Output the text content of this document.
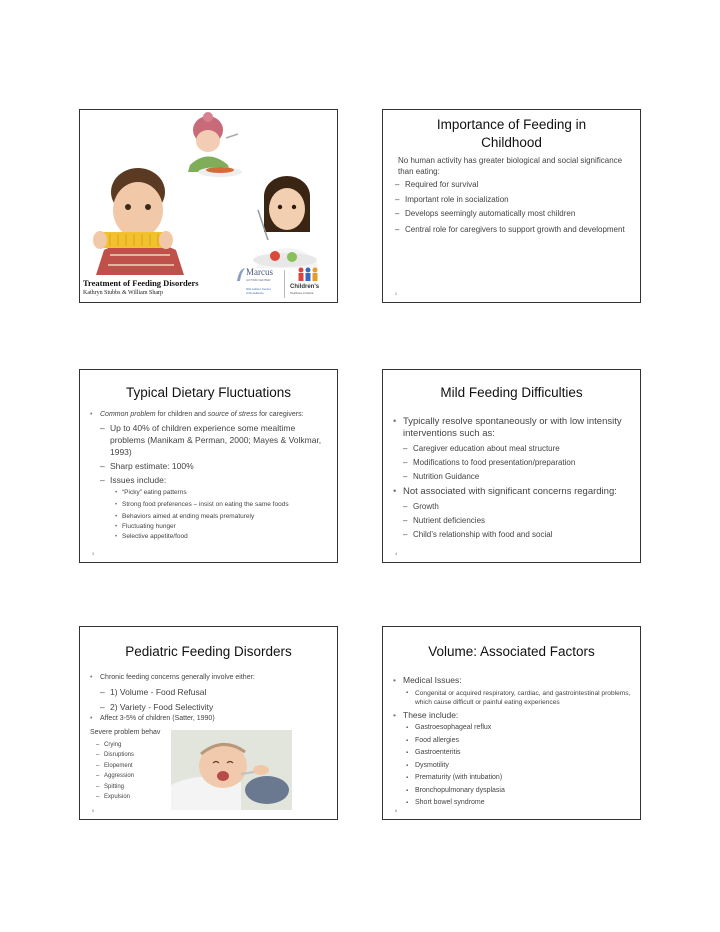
Treatment of Feeding Disorders
Kathryn Stubbs & William Sharp
Marcus
AUTISM CENTER
NIH Autism Center
of Excellence
Children's
Healthcare of Atlanta
Importance of Feeding in
Childhood
No human activity has greater biological and social significance than eating:
– Required for survival
– Important role in socialization
– Develops seemingly automatically most children
– Central role for caregivers to support growth and development
2
Typical Dietary Fluctuations
• Common problem for children and source of stress for caregivers:
– Up to 40% of children experience some mealtime problems (Manikam & Perman, 2000; Mayes & Volkmar, 1993)
– Sharp estimate: 100%
– Issues include:
• “Picky” eating patterns
• Strong food preferences – insist on eating the same foods
• Behaviors aimed at ending meals prematurely
• Fluctuating hunger
• Selective appetite/food
3
Mild Feeding Difficulties
• Typically resolve spontaneously or with low intensity interventions such as:
– Caregiver education about meal structure
– Modifications to food presentation/preparation
– Nutrition Guidance
• Not associated with significant concerns regarding:
– Growth
– Nutrient deficiencies
– Child’s relationship with food and social
4
Pediatric Feeding Disorders
• Chronic feeding concerns generally involve either:
– 1) Volume - Food Refusal
– 2) Variety - Food Selectivity
• Affect 3-5% of children (Satter, 1990)
Severe problem behav
– Crying
– Disruptions
– Elopement
– Aggression
– Spitting
– Expulsion
5
Volume: Associated Factors
• Medical Issues:
▪ Congenital or acquired respiratory, cardiac, and gastrointestinal problems, which cause difficult or painful eating experiences
• These include:
▪ Gastroesophageal reflux
▪ Food allergies
▪ Gastroenteritis
▪ Dysmotility
▪ Prematurity (with intubation)
▪ Bronchopulmonary dysplasia
▪ Short bowel syndrome
6
